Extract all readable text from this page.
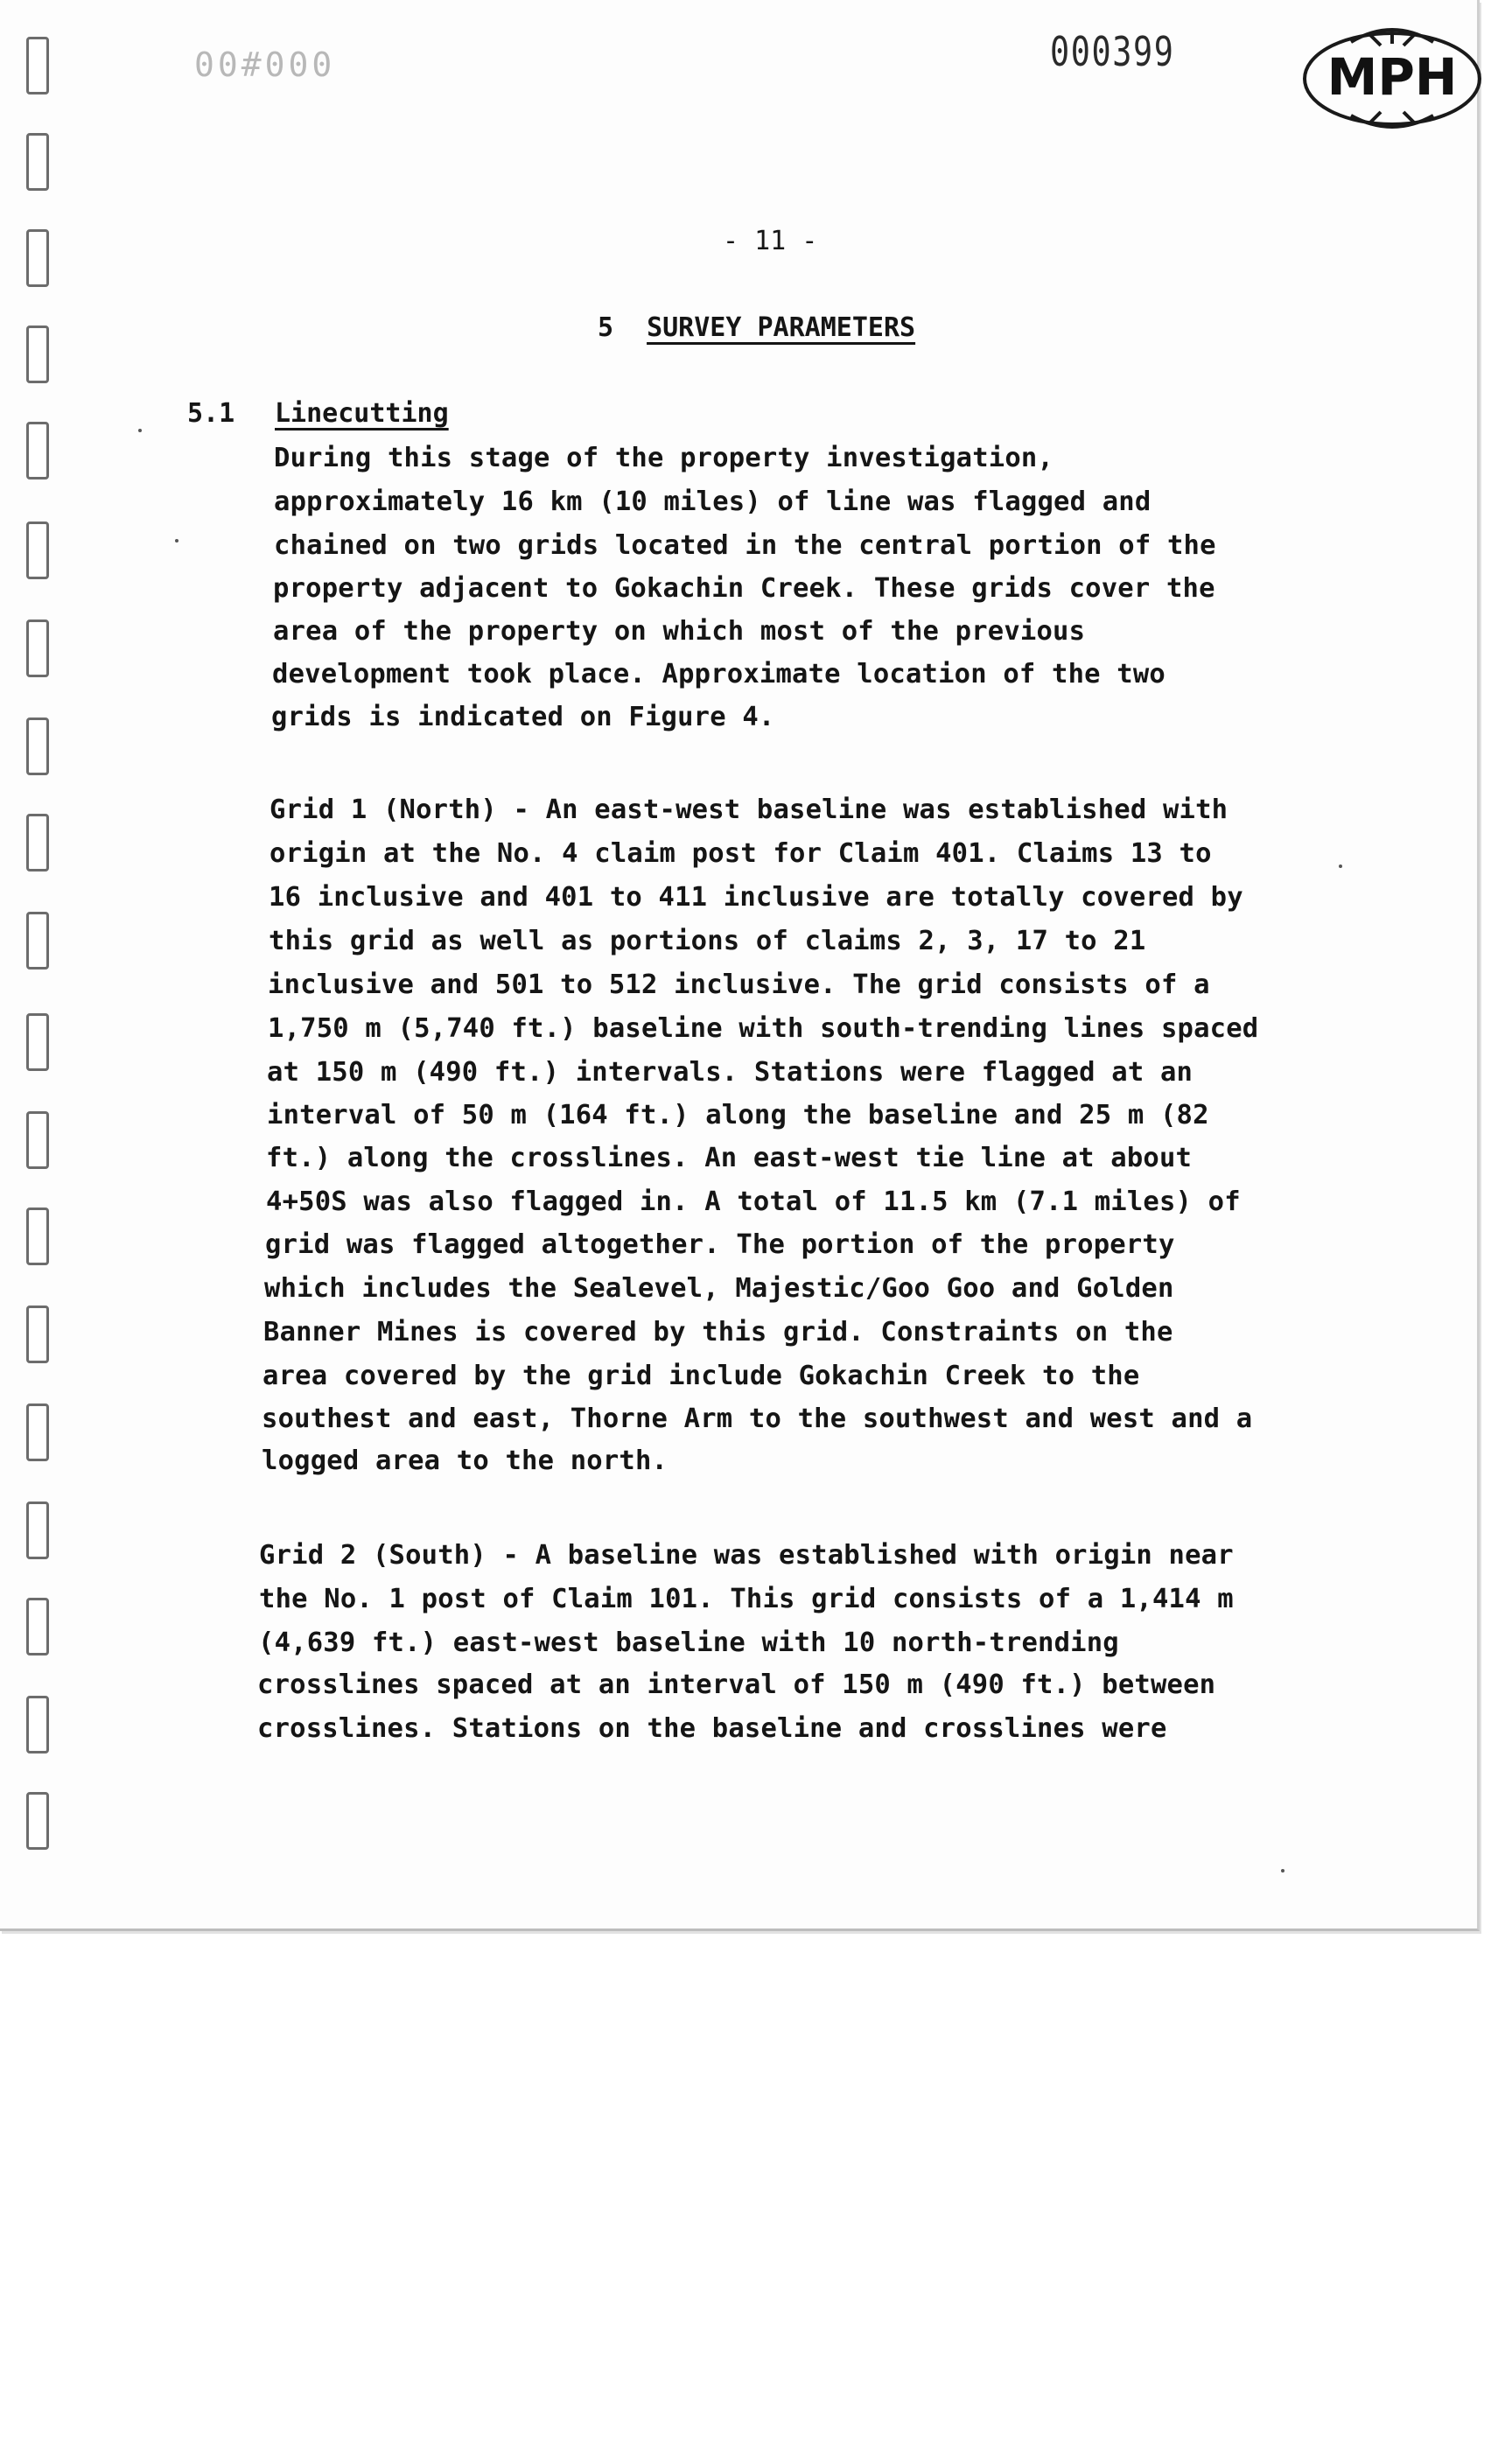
00#000	000399	MPH
- 11 -
5 SURVEY PARAMETERS
5.1 Linecutting
During this stage of the property investigation,
approximately 16 km (10 miles) of line was flagged and
chained on two grids located in the central portion of the
property adjacent to Gokachin Creek. These grids cover the
area of the property on which most of the previous
development took place. Approximate location of the two
grids is indicated on Figure 4.
Grid 1 (North) - An east-west baseline was established with
origin at the No. 4 claim post for Claim 401. Claims 13 to
16 inclusive and 401 to 411 inclusive are totally covered by
this grid as well as portions of claims 2, 3, 17 to 21
inclusive and 501 to 512 inclusive. The grid consists of a
1,750 m (5,740 ft.) baseline with south-trending lines spaced
at 150 m (490 ft.) intervals. Stations were flagged at an
interval of 50 m (164 ft.) along the baseline and 25 m (82
ft.) along the crosslines. An east-west tie line at about
4+50S was also flagged in. A total of 11.5 km (7.1 miles) of
grid was flagged altogether. The portion of the property
which includes the Sealevel, Majestic/Goo Goo and Golden
Banner Mines is covered by this grid. Constraints on the
area covered by the grid include Gokachin Creek to the
southest and east, Thorne Arm to the southwest and west and a
logged area to the north.
Grid 2 (South) - A baseline was established with origin near
the No. 1 post of Claim 101. This grid consists of a 1,414 m
(4,639 ft.) east-west baseline with 10 north-trending
crosslines spaced at an interval of 150 m (490 ft.) between
crosslines. Stations on the baseline and crosslines were
